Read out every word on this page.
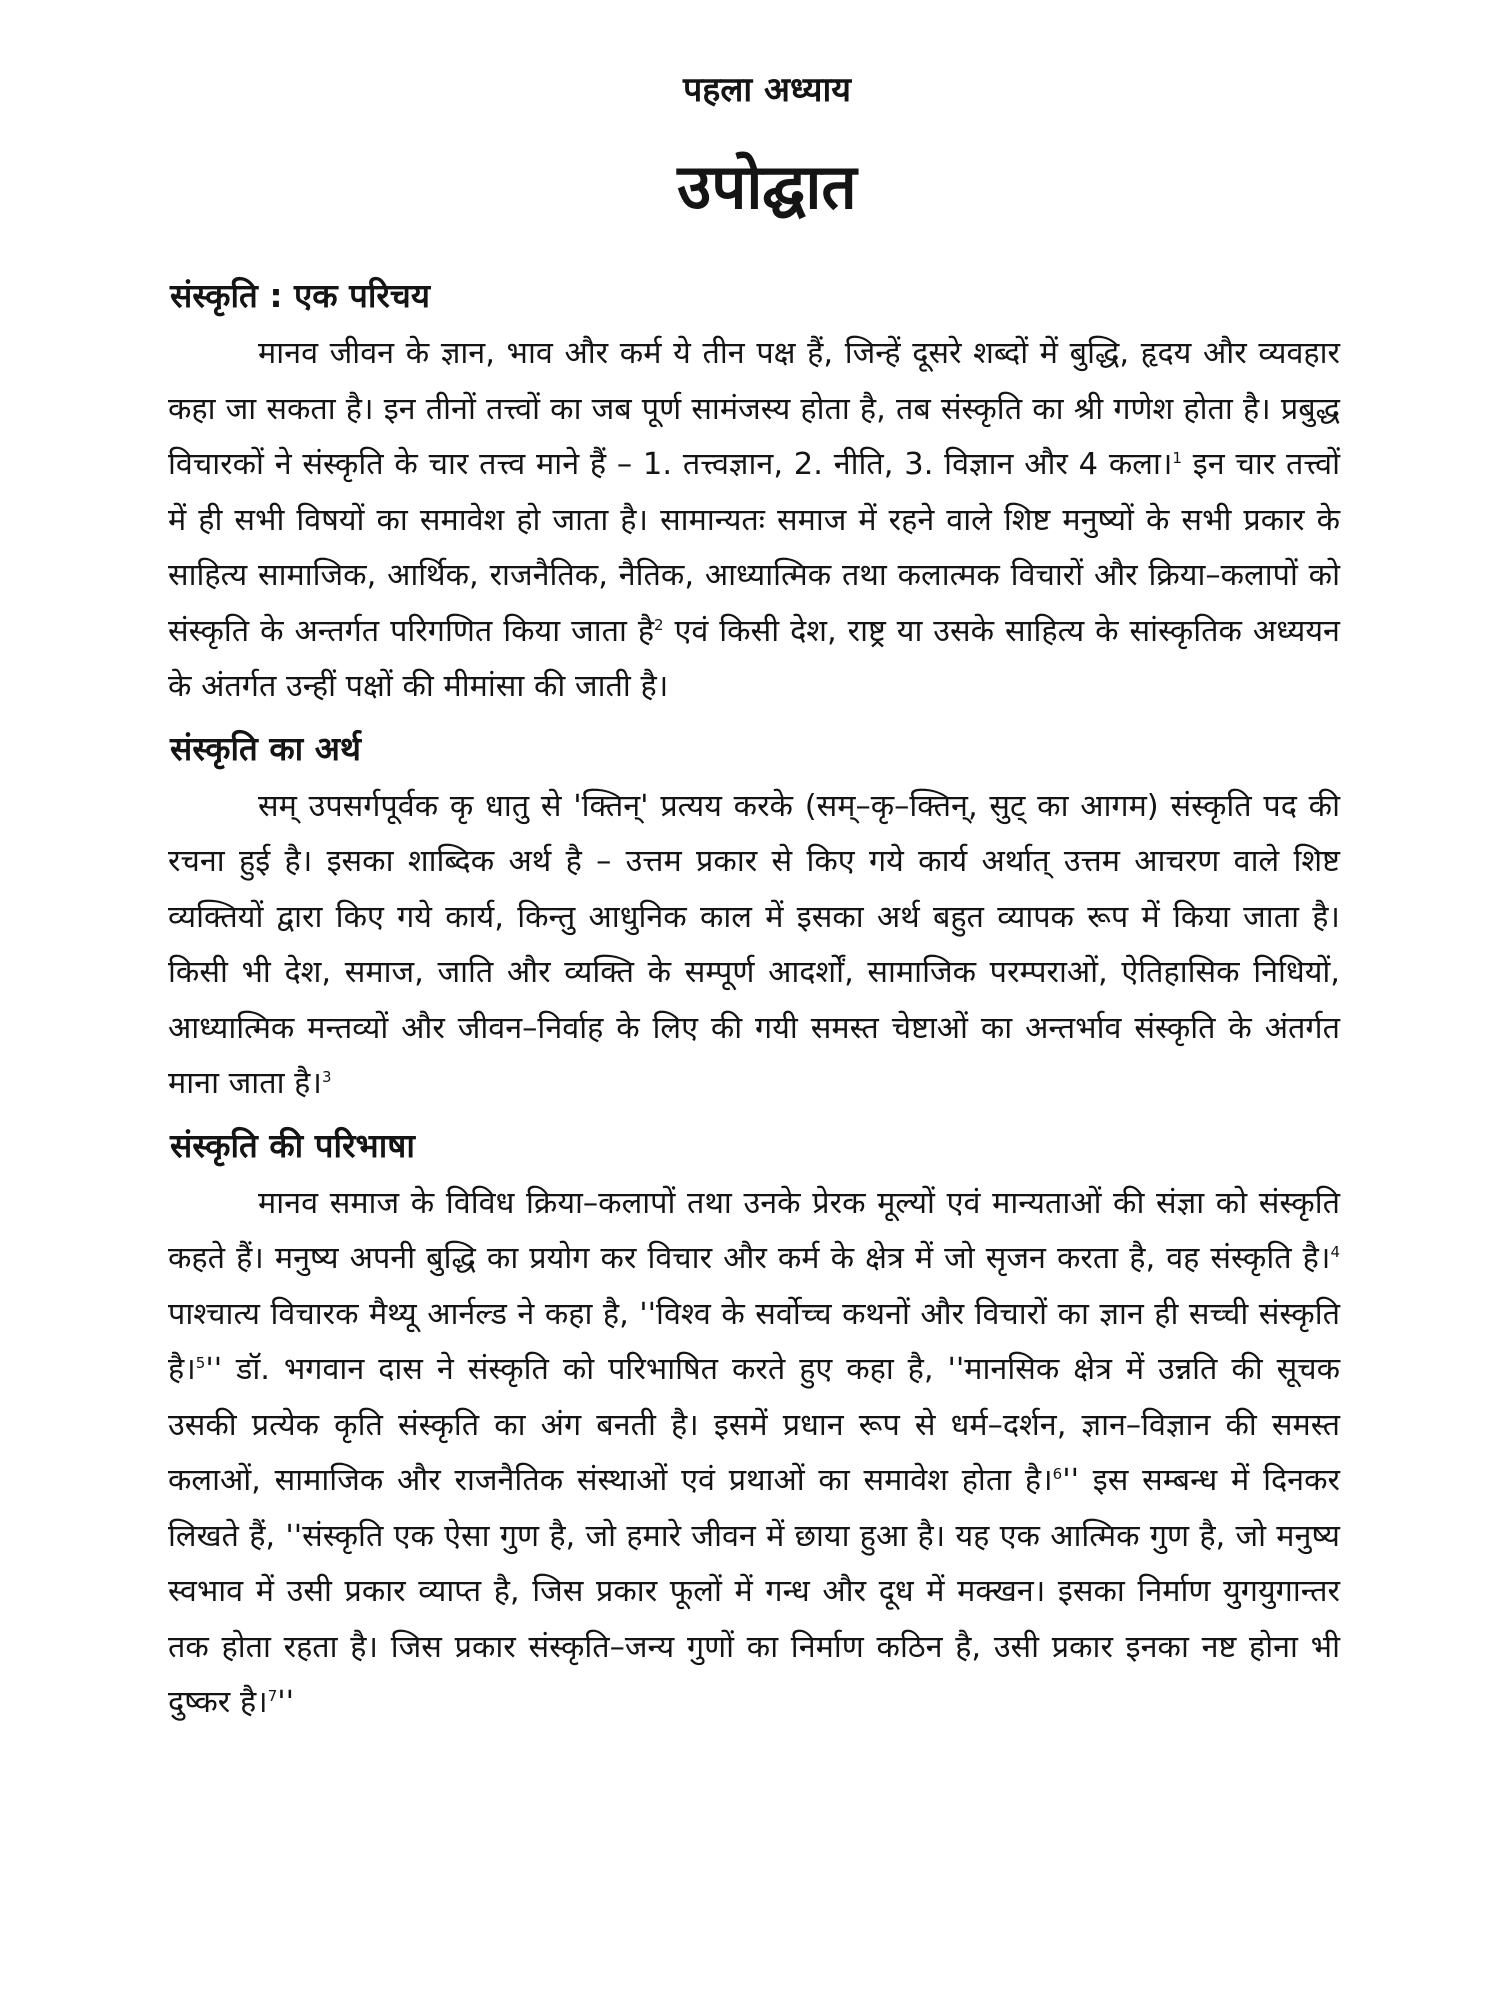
पहला अध्याय
उपोद्घात
संस्कृति : एक परिचय

मानव जीवन के ज्ञान, भाव और कर्म ये तीन पक्ष हैं, जिन्हें दूसरे शब्दों में बुद्धि, हृदय और व्यवहार कहा जा सकता है। इन तीनों तत्त्वों का जब पूर्ण सामंजस्य होता है, तब संस्कृति का श्री गणेश होता है। प्रबुद्ध विचारकों ने संस्कृति के चार तत्त्व माने हैं – 1. तत्त्वज्ञान, 2. नीति, 3. विज्ञान और 4 कला।$^1$ इन चार तत्त्वों में ही सभी विषयों का समावेश हो जाता है। सामान्यतः समाज में रहने वाले शिष्ट मनुष्यों के सभी प्रकार के साहित्य सामाजिक, आर्थिक, राजनैतिक, नैतिक, आध्यात्मिक तथा कलात्मक विचारों और क्रिया–कलापों को संस्कृति के अन्तर्गत परिगणित किया जाता है$^2$ एवं किसी देश, राष्ट्र या उसके साहित्य के सांस्कृतिक अध्ययन के अंतर्गत उन्हीं पक्षों की मीमांसा की जाती है।

संस्कृति का अर्थ

सम् उपसर्गपूर्वक कृ धातु से 'क्तिन्' प्रत्यय करके (सम्–कृ–क्तिन्, सुट् का आगम) संस्कृति पद की रचना हुई है। इसका शाब्दिक अर्थ है – उत्तम प्रकार से किए गये कार्य अर्थात् उत्तम आचरण वाले शिष्ट व्यक्तियों द्वारा किए गये कार्य, किन्तु आधुनिक काल में इसका अर्थ बहुत व्यापक रूप में किया जाता है। किसी भी देश, समाज, जाति और व्यक्ति के सम्पूर्ण आदर्शों, सामाजिक परम्पराओं, ऐतिहासिक निधियों, आध्यात्मिक मन्तव्यों और जीवन–निर्वाह के लिए की गयी समस्त चेष्टाओं का अन्तर्भाव संस्कृति के अंतर्गत माना जाता है।$^3$

संस्कृति की परिभाषा

मानव समाज के विविध क्रिया–कलापों तथा उनके प्रेरक मूल्यों एवं मान्यताओं की संज्ञा को संस्कृति कहते हैं। मनुष्य अपनी बुद्धि का प्रयोग कर विचार और कर्म के क्षेत्र में जो सृजन करता है, वह संस्कृति है।$^4$ पाश्चात्य विचारक मैथ्यू आर्नल्ड ने कहा है, ''विश्व के सर्वोच्च कथनों और विचारों का ज्ञान ही सच्ची संस्कृति है।$^5$'' डॉ. भगवान दास ने संस्कृति को परिभाषित करते हुए कहा है, ''मानसिक क्षेत्र में उन्नति की सूचक उसकी प्रत्येक कृति संस्कृति का अंग बनती है। इसमें प्रधान रूप से धर्म–दर्शन, ज्ञान–विज्ञान की समस्त कलाओं, सामाजिक और राजनैतिक संस्थाओं एवं प्रथाओं का समावेश होता है।$^6$'' इस सम्बन्ध में दिनकर लिखते हैं, ''संस्कृति एक ऐसा गुण है, जो हमारे जीवन में छाया हुआ है। यह एक आत्मिक गुण है, जो मनुष्य स्वभाव में उसी प्रकार व्याप्त है, जिस प्रकार फूलों में गन्ध और दूध में मक्खन। इसका निर्माण युगयुगान्तर तक होता रहता है। जिस प्रकार संस्कृति–जन्य गुणों का निर्माण कठिन है, उसी प्रकार इनका नष्ट होना भी दुष्कर है।$^7$''
